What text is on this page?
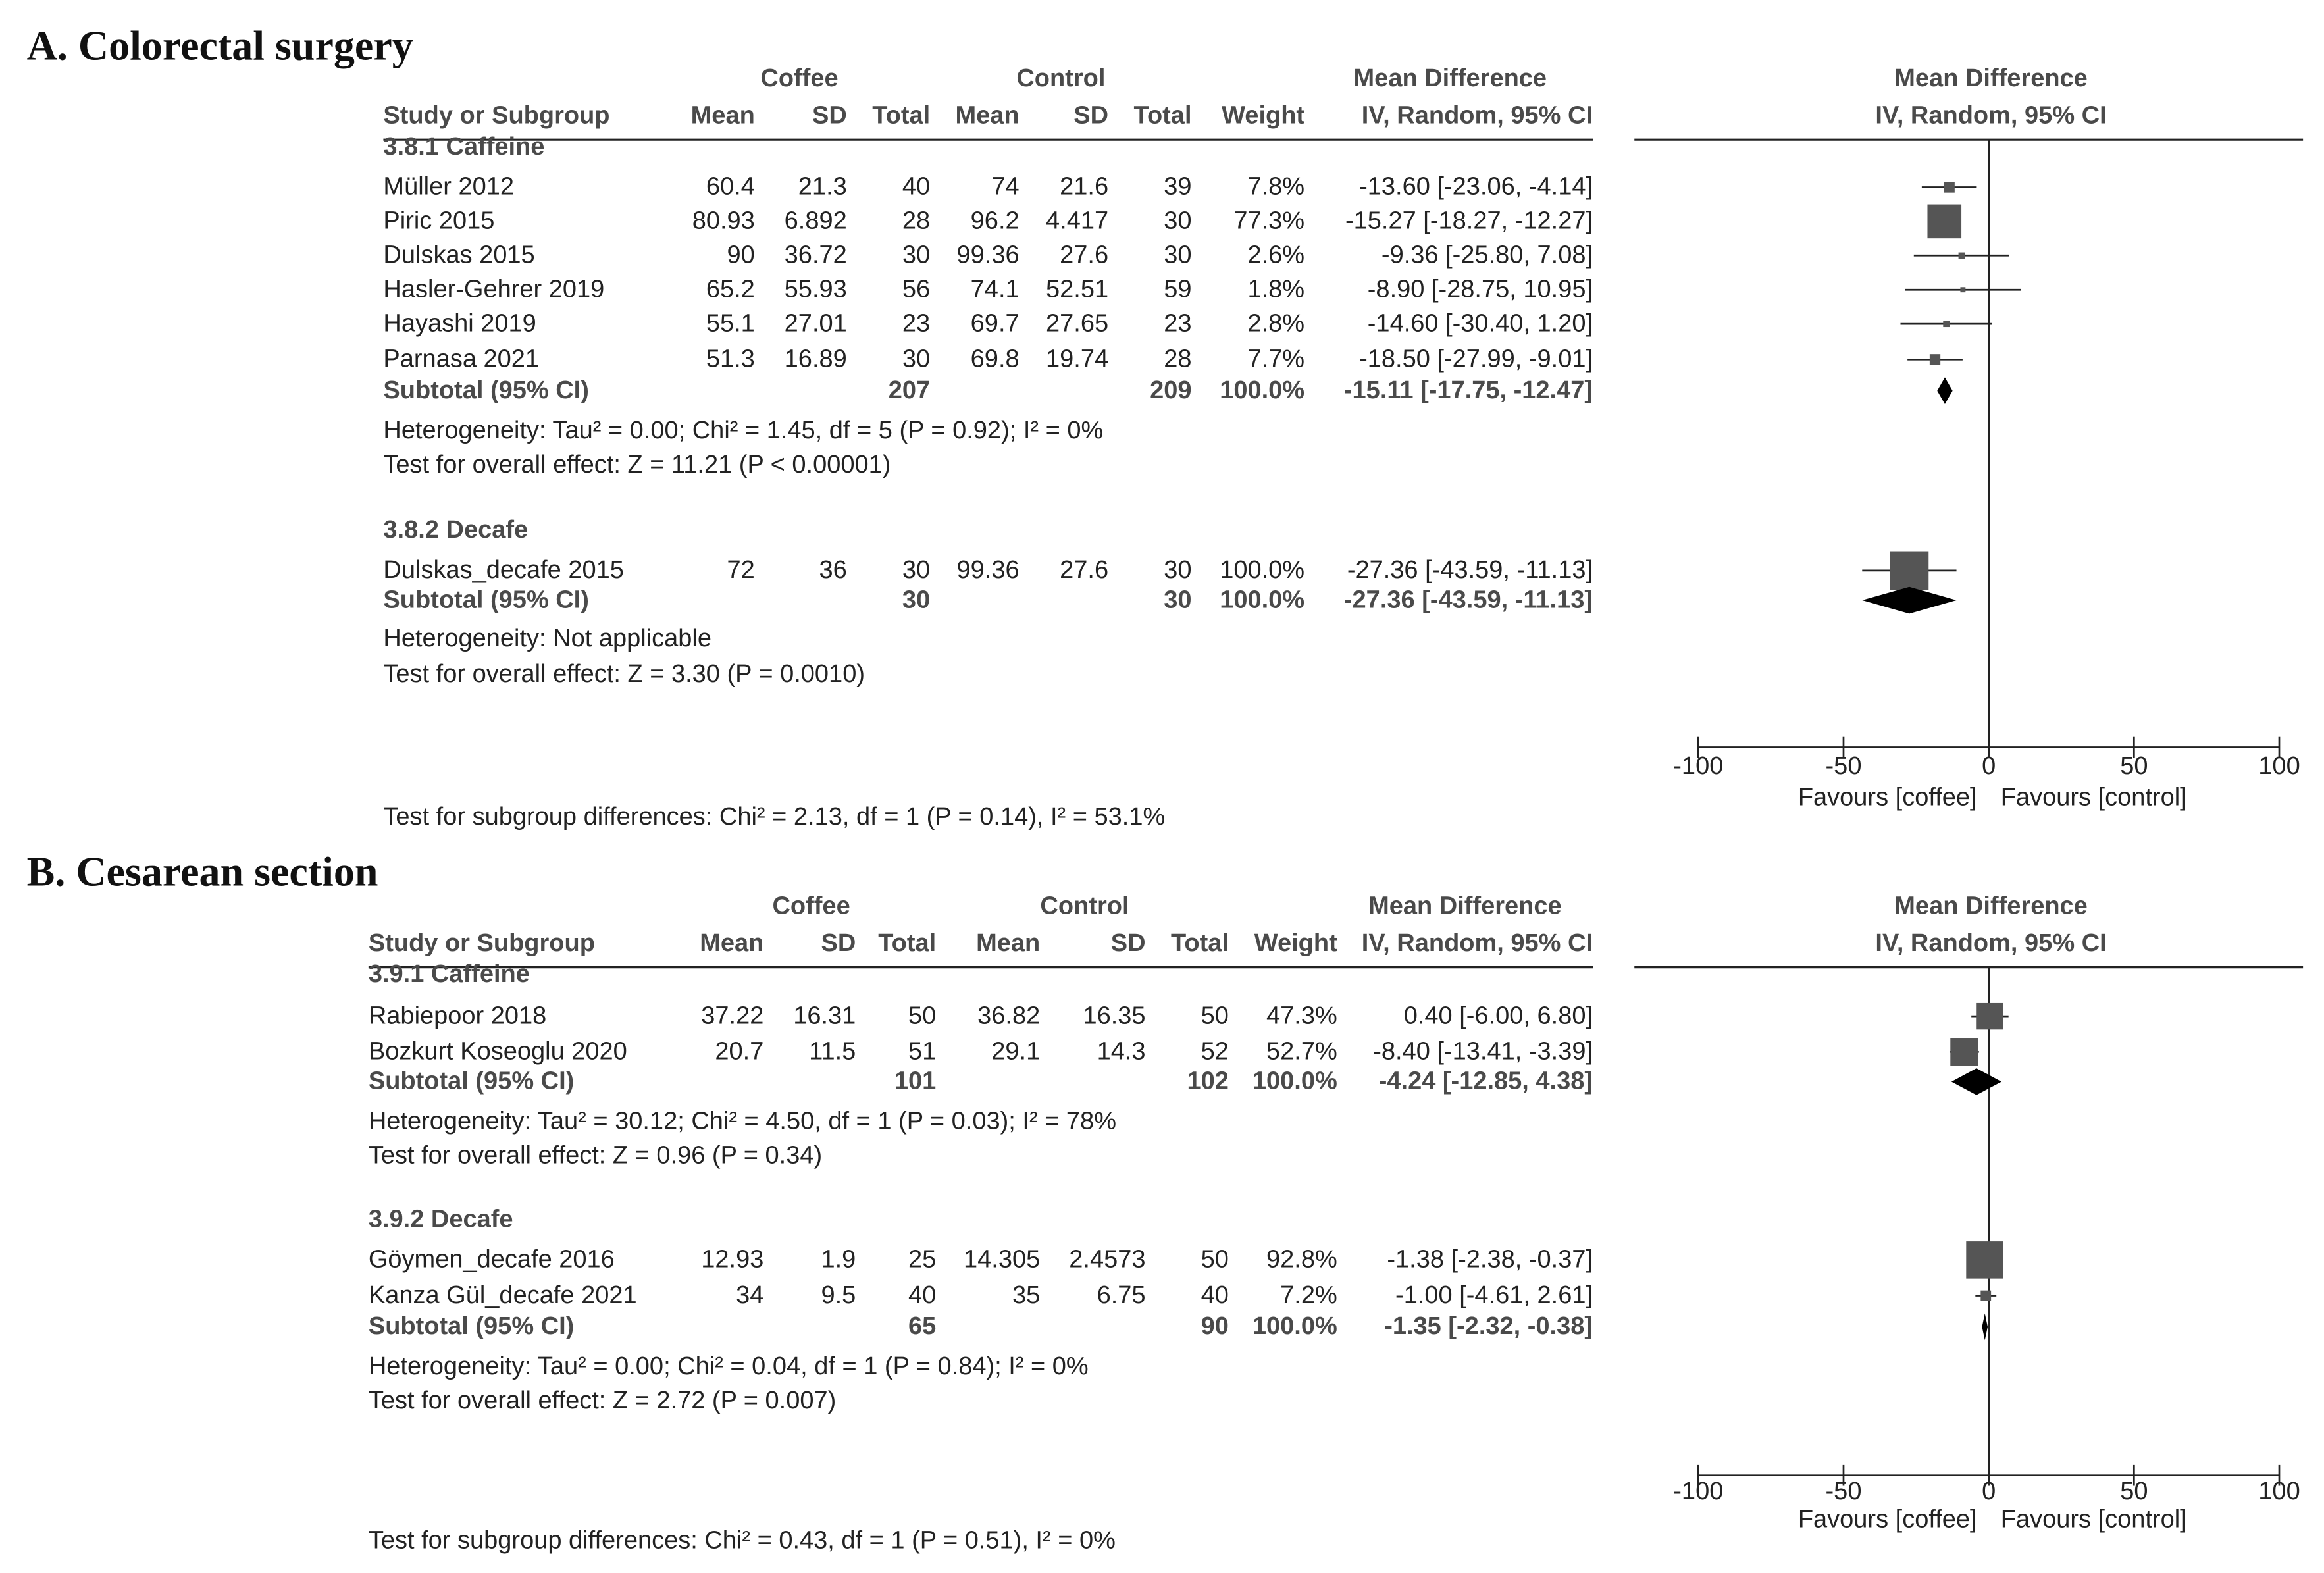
A. Colorectal surgery
Coffee	Control	Mean Difference	Mean Difference
Study or Subgroup	Mean SD Total Mean SD Total Weight IV, Random, 95% CI	IV, Random, 95% CI
3.8.1 Caffeine
Müller 2012	60.4 21.3 40 74 21.6 39 7.8% -13.60 [-23.06, -4.14]
Piric 2015	80.93 6.892 28 96.2 4.417 30 77.3% -15.27 [-18.27, -12.27]
Dulskas 2015	90 36.72 30 99.36 27.6 30 2.6%	-9.36 [-25.80, 7.08]
Hasler-Gehrer 2019	65.2 55.93 56 74.1 52.51 59 1.8%	-8.90 [-28.75, 10.95]
Hayashi 2019	55.1 27.01 23 69.7 27.65 23 2.8%	-14.60 [-30.40, 1.20]
Parnasa 2021	51.3 16.89 30 69.8 19.74 28 7.7% -18.50 [-27.99, -9.01]
Subtotal (95% CI)	207	209 100.0% -15.11 [-17.75, -12.47]
Heterogeneity: Tau² = 0.00; Chi² = 1.45, df = 5 (P = 0.92); I² = 0%
Test for overall effect: Z = 11.21 (P < 0.00001)
3.8.2 Decafe
Dulskas_decafe 2015	72	36 30 99.36 27.6 30 100.0% -27.36 [-43.59, -11.13]
Subtotal (95% CI)	30	30 100.0% -27.36 [-43.59, -11.13]
Heterogeneity: Not applicable
Test for overall effect: Z = 3.30 (P = 0.0010)
-100	-50	0	50	100
Favours [coffee] Favours [control]
Test for subgroup differences: Chi² = 2.13, df = 1 (P = 0.14), I² = 53.1%
B. Cesarean section
Coffee	Control	Mean Difference	Mean Difference
Study or Subgroup	Mean SD Total Mean	SD Total Weight IV, Random, 95% CI	IV, Random, 95% CI
3.9.1 Caffeine
Rabiepoor 2018	37.22 16.31 50 36.82 16.35 50 47.3%	0.40 [-6.00, 6.80]
Bozkurt Koseoglu 2020	20.7 11.5 51 29.1 14.3 52 52.7% -8.40 [-13.41, -3.39]
Subtotal (95% CI)	101	102 100.0% -4.24 [-12.85, 4.38]
Heterogeneity: Tau² = 30.12; Chi² = 4.50, df = 1 (P = 0.03); I² = 78%
Test for overall effect: Z = 0.96 (P = 0.34)
3.9.2 Decafe
Göymen_decafe 2016	12.93 1.9 25 14.305 2.4573 50 92.8% -1.38 [-2.38, -0.37]
Kanza Gül_decafe 2021	34 9.5 40	35 6.75 40 7.2% -1.00 [-4.61, 2.61]
Subtotal (95% CI)	65	90 100.0% -1.35 [-2.32, -0.38]
Heterogeneity: Tau² = 0.00; Chi² = 0.04, df = 1 (P = 0.84); I² = 0%
Test for overall effect: Z = 2.72 (P = 0.007)
-100	-50	0	50	100
Favours [coffee] Favours [control]
Test for subgroup differences: Chi² = 0.43, df = 1 (P = 0.51), I² = 0%
